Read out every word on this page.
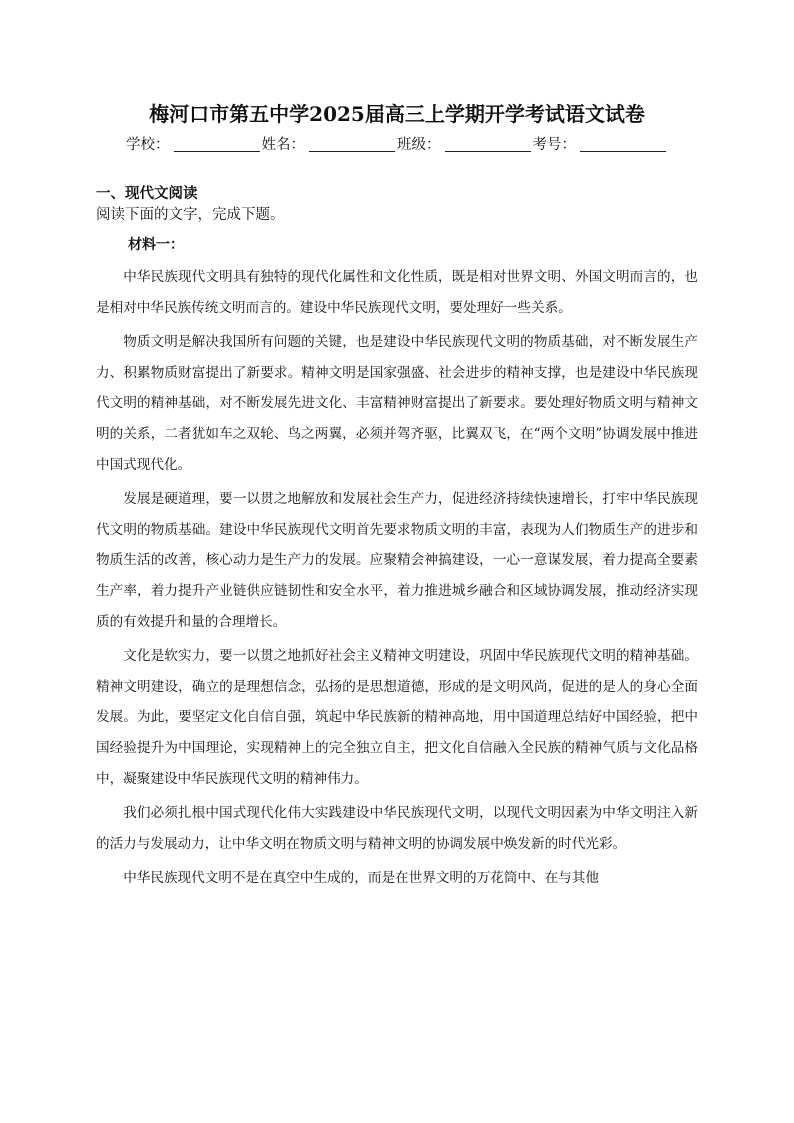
梅河口市第五中学2025届高三上学期开学考试语文试卷
学校：	姓名：	班级：	考号：
一、现代文阅读
阅读下面的文字，完成下题。
材料一：

中华民族现代文明具有独特的现代化属性和文化性质，既是相对世界文明、外国文明而言的，也是相对中华民族传统文明而言的。建设中华民族现代文明，要处理好一些关系。

物质文明是解决我国所有问题的关键，也是建设中华民族现代文明的物质基础，对不断发展生产力、积累物质财富提出了新要求。精神文明是国家强盛、社会进步的精神支撑，也是建设中华民族现代文明的精神基础，对不断发展先进文化、丰富精神财富提出了新要求。要处理好物质文明与精神文明的关系，二者犹如车之双轮、鸟之两翼，必须并驾齐驱，比翼双飞，在“两个文明”协调发展中推进中国式现代化。

发展是硬道理，要一以贯之地解放和发展社会生产力，促进经济持续快速增长，打牢中华民族现代文明的物质基础。建设中华民族现代文明首先要求物质文明的丰富，表现为人们物质生产的进步和物质生活的改善，核心动力是生产力的发展。应聚精会神搞建设，一心一意谋发展，着力提高全要素生产率，着力提升产业链供应链韧性和安全水平，着力推进城乡融合和区域协调发展，推动经济实现质的有效提升和量的合理增长。

文化是软实力，要一以贯之地抓好社会主义精神文明建设，巩固中华民族现代文明的精神基础。精神文明建设，确立的是理想信念，弘扬的是思想道德，形成的是文明风尚，促进的是人的身心全面发展。为此，要坚定文化自信自强，筑起中华民族新的精神高地，用中国道理总结好中国经验，把中国经验提升为中国理论，实现精神上的完全独立自主，把文化自信融入全民族的精神气质与文化品格中，凝聚建设中华民族现代文明的精神伟力。

我们必须扎根中国式现代化伟大实践建设中华民族现代文明，以现代文明因素为中华文明注入新的活力与发展动力，让中华文明在物质文明与精神文明的协调发展中焕发新的时代光彩。

中华民族现代文明不是在真空中生成的，而是在世界文明的万花筒中、在与其他
